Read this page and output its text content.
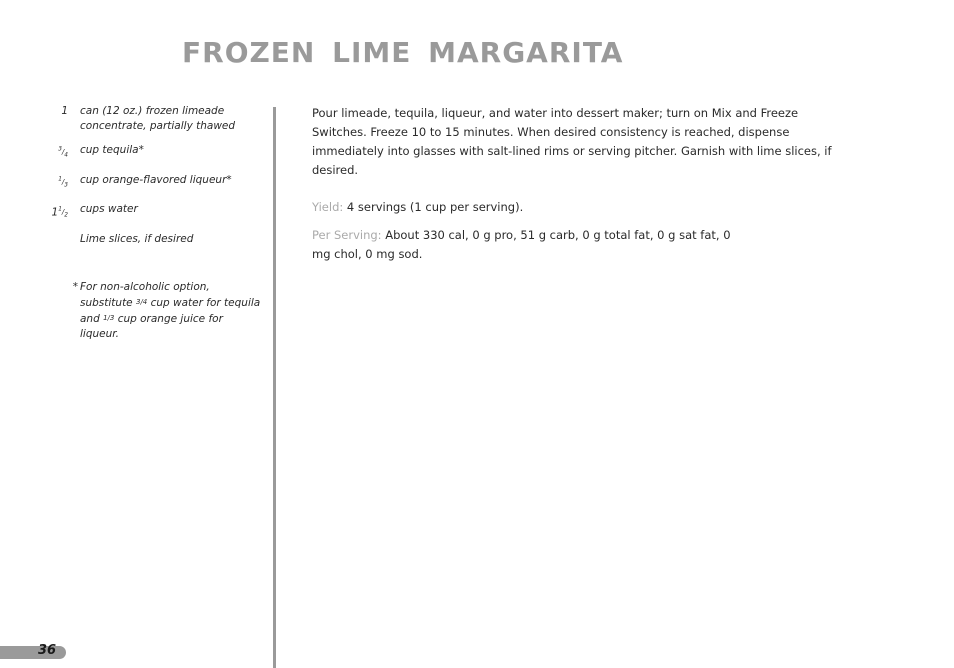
FROZEN LIME MARGARITA
1	can (12 oz.) frozen limeade concentrate, partially thawed
$^3/_4$	cup tequila*
$^1/_3$	cup orange-flavored liqueur*
$1^1/_2$	cups water
Lime slices, if desired
* For non-alcoholic option, substitute 3/4 cup water for tequila and 1/3 cup orange juice for liqueur.

Pour limeade, tequila, liqueur, and water into dessert maker; turn on Mix and Freeze Switches. Freeze 10 to 15 minutes. When desired consistency is reached, dispense immediately into glasses with salt-lined rims or serving pitcher. Garnish with lime slices, if desired.

Yield: 4 servings (1 cup per serving).

Per Serving: About 330 cal, 0 g pro, 51 g carb, 0 g total fat, 0 g sat fat, 0 mg chol, 0 mg sod.

36
